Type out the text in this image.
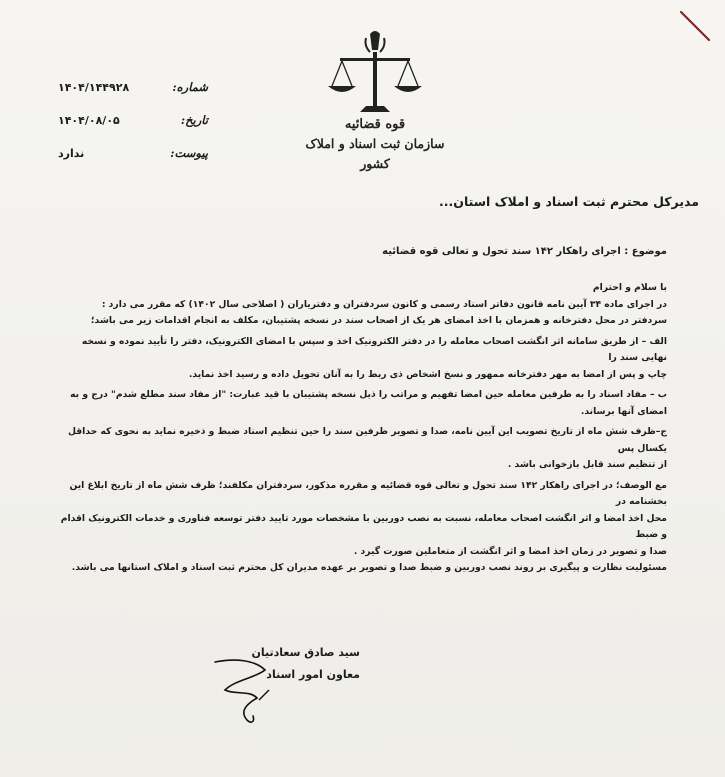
قوه قضائیه
سازمان ثبت اسناد و املاک کشور
شماره:
۱۴۰۴/۱۴۴۹۲۸
تاریخ:
۱۴۰۴/۰۸/۰۵
پیوست:
ندارد
مدیرکل محترم ثبت اسناد و املاک استان...
موضوع : اجرای راهکار ۱۴۲ سند تحول و تعالی قوه قضائیه

با سلام و احترام

در اجرای ماده ۳۴ آیین نامه قانون دفاتر اسناد رسمی و کانون سردفتران و دفتریاران ( اصلاحی سال ۱۴۰۲) که مقرر می دارد :

سردفتر در محل دفترخانه و همزمان با اخذ امضای هر یک از اصحاب سند در نسخه پشتیبان، مکلف به انجام اقدامات زیر می باشد؛

الف – از طریق سامانه اثر انگشت اصحاب معامله را در دفتر الکترونیک اخذ و سپس با امضای الکترونیک، دفتر را تأیید نموده و نسخه نهایی سند را

چاپ و پس از امضا به مهر دفترخانه ممهور و نسخ اشخاص ذی ربط را به آنان تحویل داده و رسید اخذ نماید.

ب – مفاد اسناد را به طرفین معامله حین امضا تفهیم و مراتب را ذیل نسخه پشتیبان با قید عبارت: "از مفاد سند مطلع شدم" درج و به

امضای آنها برساند.

ج–ظرف شش ماه از تاریخ تصویب این آیین نامه، صدا و تصویر طرفین سند را حین تنظیم اسناد ضبط و ذخیره نماید به نحوی که حداقل یکسال پس

از تنظیم سند قابل بازخوانی باشد .

مع الوصف؛ در اجرای راهکار ۱۴۲ سند تحول و تعالی قوه قضائیه و مقرره مذکور، سردفتران مکلفند؛ ظرف شش ماه از تاریخ ابلاغ این بخشنامه در

محل اخذ امضا و اثر انگشت اصحاب معامله، نسبت به نصب دوربین با مشخصات مورد تایید دفتر توسعه فناوری و خدمات الکترونیک اقدام و ضبط

صدا و تصویر در زمان اخذ امضا و اثر انگشت از متعاملین صورت گیرد .

مسئولیت نظارت و پیگیری بر روند نصب دوربین و ضبط صدا و تصویر بر عهده مدیران کل محترم ثبت اسناد و املاک استانها می باشد.

سید صادق سعادتیان
معاون امور اسناد
